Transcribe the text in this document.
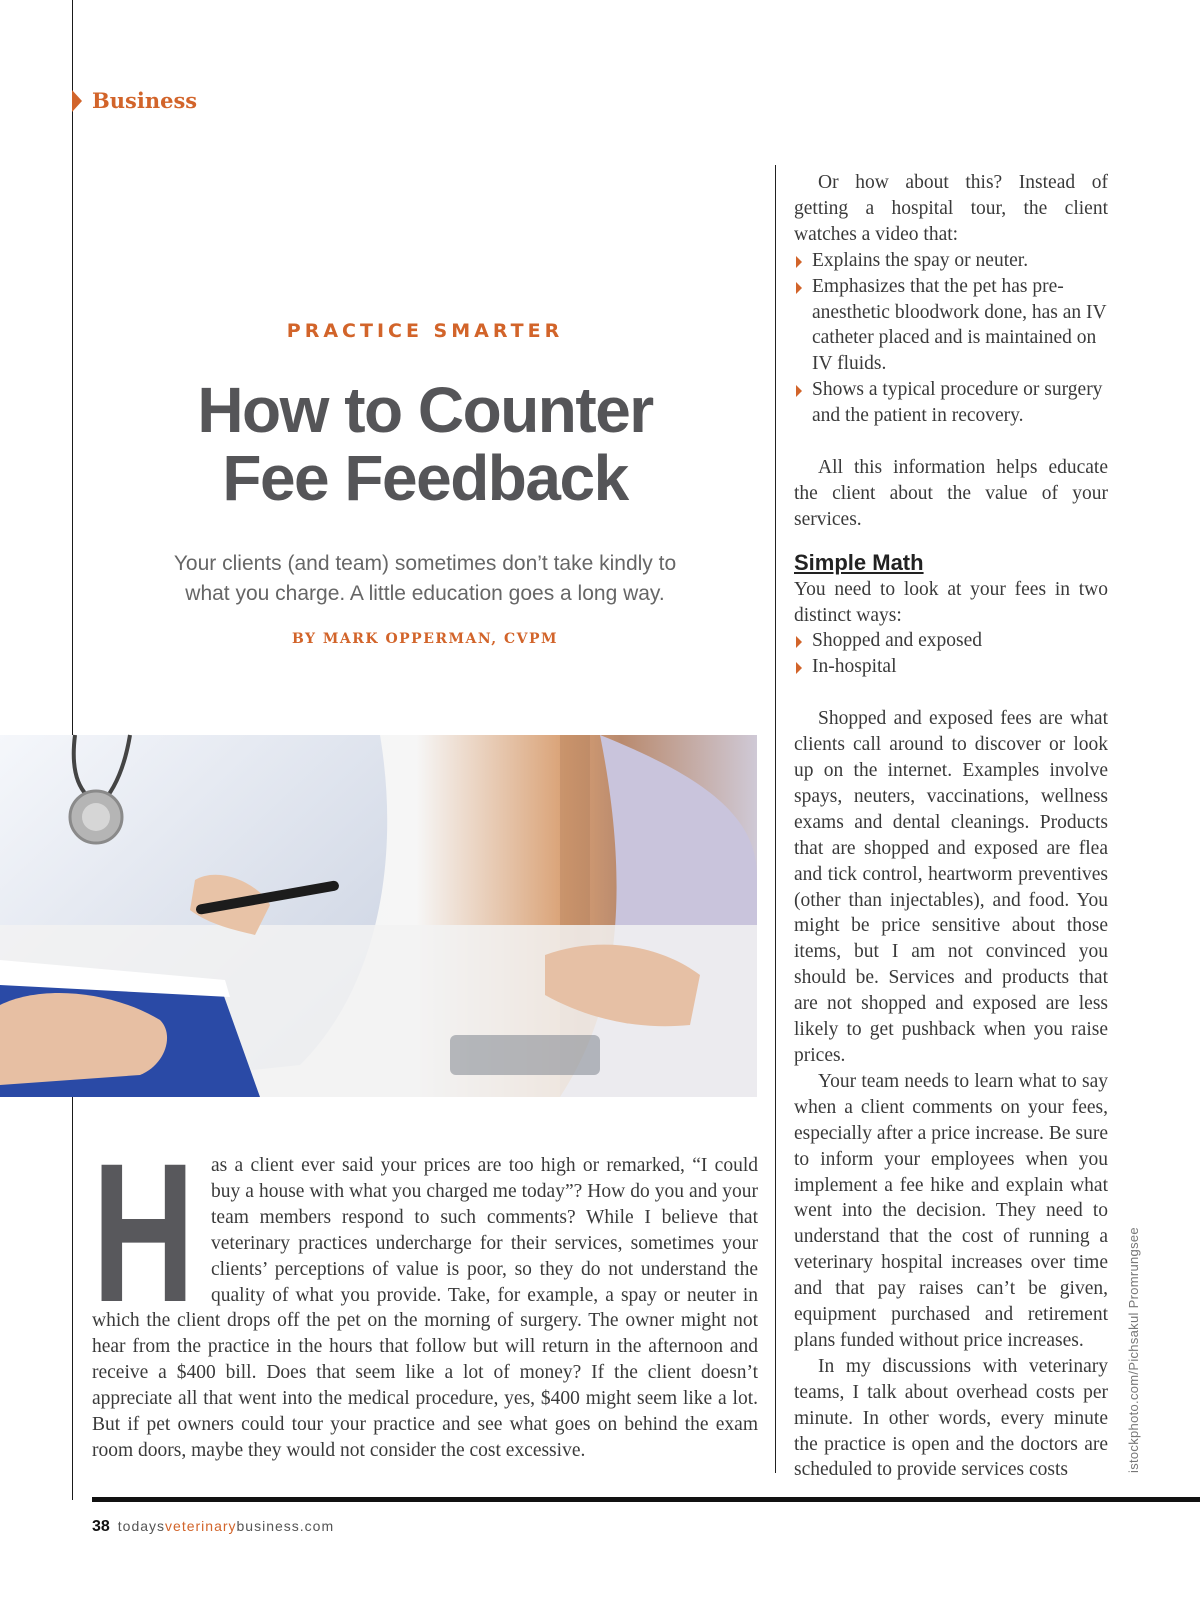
Business
PRACTICE SMARTER
How to Counter
Fee Feedback
Your clients (and team) sometimes don’t take kindly to
what you charge. A little education goes a long way.
BY MARK OPPERMAN, CVPM
istockphoto.com/Pichsakul Promrungsee
H as a client ever said your prices are too high or remarked, “I could buy a house with what you charged me today”? How do you and your team members respond to such comments? While I believe that veterinary practices undercharge for their services, sometimes your clients’ perceptions of value is poor, so they do not understand the quality of what you provide. Take, for example, a spay or neuter in which the client drops off the pet on the morning of surgery. The owner might not hear from the practice in the hours that follow but will return in the afternoon and receive a $400 bill. Does that seem like a lot of money? If the client doesn’t appreciate all that went into the medical procedure, yes, $400 might seem like a lot. But if pet owners could tour your practice and see what goes on behind the exam room doors, maybe they would not consider the cost excessive.

Or how about this? Instead of getting a hospital tour, the client watches a video that:

Explains the spay or neuter.
Emphasizes that the pet has pre-anesthetic bloodwork done, has an IV catheter placed and is maintained on IV fluids.
Shows a typical procedure or surgery and the patient in recovery.

All this information helps educate the client about the value of your services.

Simple Math

You need to look at your fees in two distinct ways:

Shopped and exposed
In-hospital

Shopped and exposed fees are what clients call around to discover or look up on the internet. Examples involve spays, neuters, vaccinations, wellness exams and dental cleanings. Products that are shopped and exposed are flea and tick control, heartworm preventives (other than injectables), and food. You might be price sensitive about those items, but I am not convinced you should be. Services and products that are not shopped and exposed are less likely to get pushback when you raise prices.

Your team needs to learn what to say when a client comments on your fees, especially after a price increase. Be sure to inform your employees when you implement a fee hike and explain what went into the decision. They need to understand that the cost of running a veterinary hospital increases over time and that pay raises can’t be given, equipment purchased and retirement plans funded without price increases.

In my discussions with veterinary teams, I talk about overhead costs per minute. In other words, every minute the practice is open and the doctors are scheduled to provide services costs

38 todaysveterinarybusiness.com
